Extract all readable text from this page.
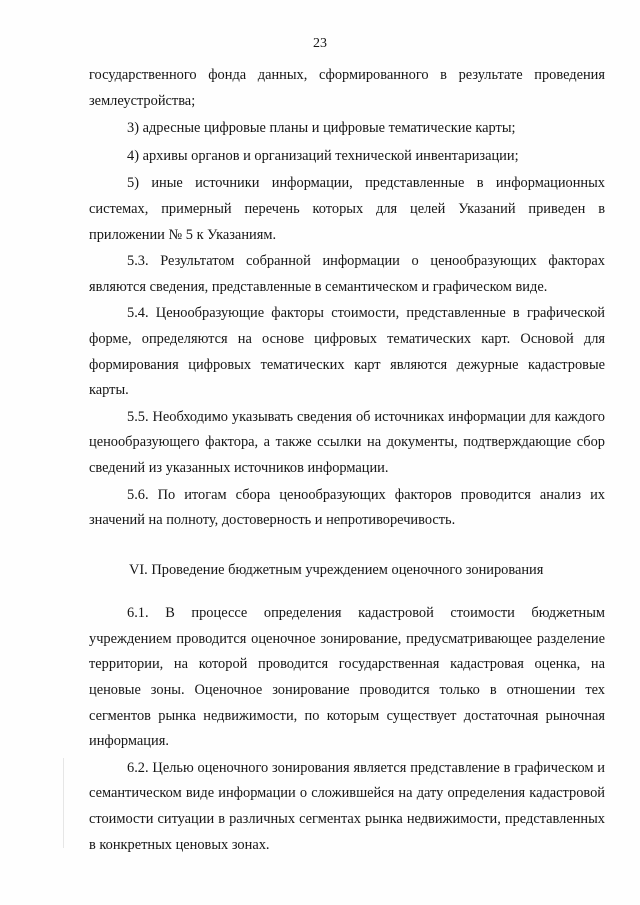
23

государственного фонда данных, сформированного в результате проведения землеустройства;

3) адресные цифровые планы и цифровые тематические карты;

4) архивы органов и организаций технической инвентаризации;

5) иные источники информации, представленные в информационных системах, примерный перечень которых для целей Указаний приведен в приложении № 5 к Указаниям.

5.3. Результатом собранной информации о ценообразующих факторах являются сведения, представленные в семантическом и графическом виде.

5.4. Ценообразующие факторы стоимости, представленные в графической форме, определяются на основе цифровых тематических карт. Основой для формирования цифровых тематических карт являются дежурные кадастровые карты.

5.5. Необходимо указывать сведения об источниках информации для каждого ценообразующего фактора, а также ссылки на документы, подтверждающие сбор сведений из указанных источников информации.

5.6. По итогам сбора ценообразующих факторов проводится анализ их значений на полноту, достоверность и непротиворечивость.

VI. Проведение бюджетным учреждением оценочного зонирования

6.1. В процессе определения кадастровой стоимости бюджетным учреждением проводится оценочное зонирование, предусматривающее разделение территории, на которой проводится государственная кадастровая оценка, на ценовые зоны. Оценочное зонирование проводится только в отношении тех сегментов рынка недвижимости, по которым существует достаточная рыночная информация.

6.2. Целью оценочного зонирования является представление в графическом и семантическом виде информации о сложившейся на дату определения кадастровой стоимости ситуации в различных сегментах рынка недвижимости, представленных в конкретных ценовых зонах.
